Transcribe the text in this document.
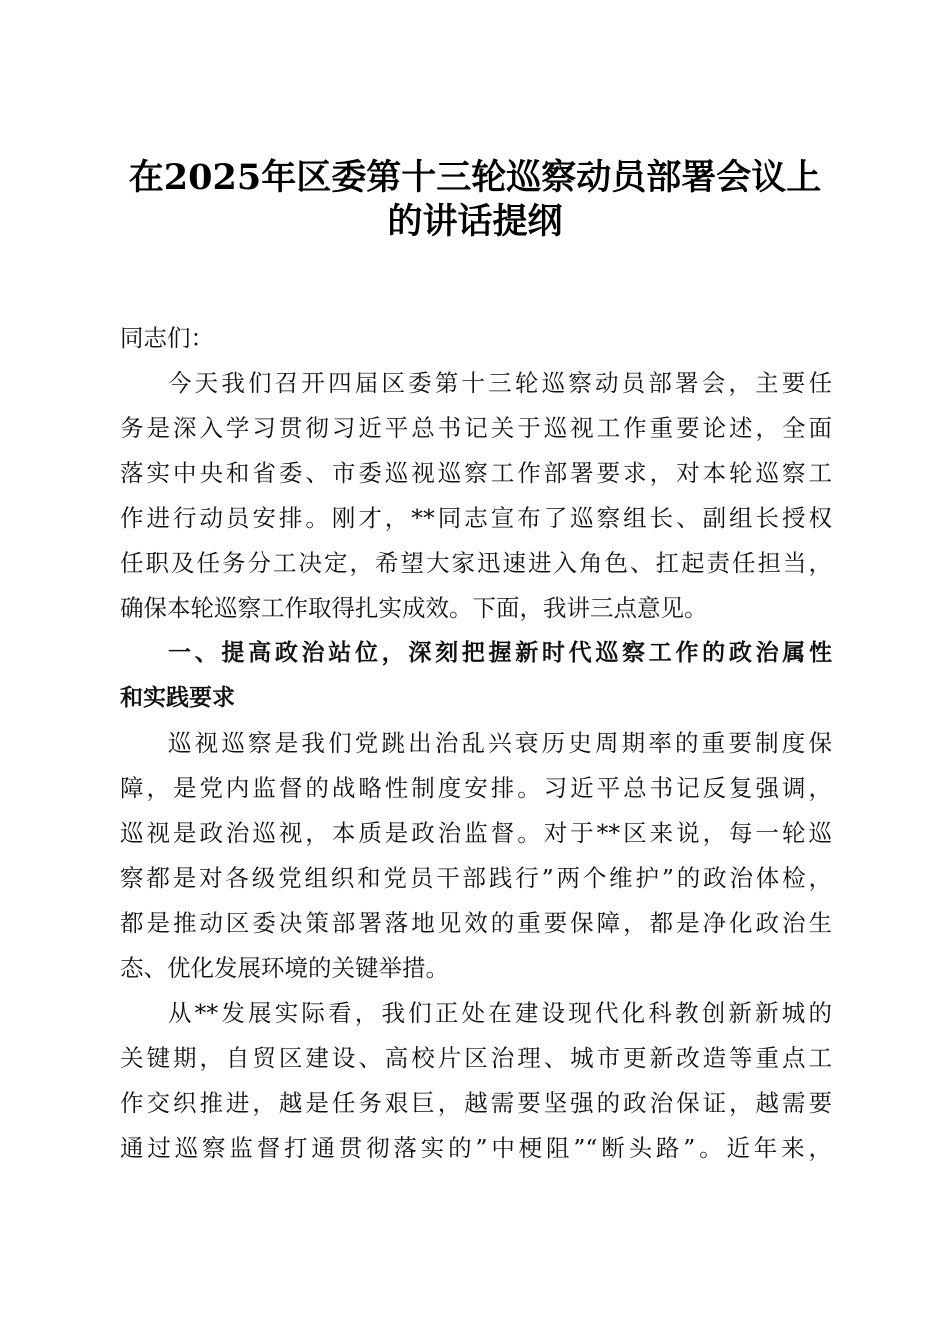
在2025年区委第十三轮巡察动员部署会议上
的讲话提纲
同志们：
今天我们召开四届区委第十三轮巡察动员部署会，主要任
务是深入学习贯彻习近平总书记关于巡视工作重要论述，全面
落实中央和省委、市委巡视巡察工作部署要求，对本轮巡察工
作进行动员安排。刚才，**同志宣布了巡察组长、副组长授权
任职及任务分工决定，希望大家迅速进入角色、扛起责任担当，
确保本轮巡察工作取得扎实成效。下面，我讲三点意见。
一、提高政治站位，深刻把握新时代巡察工作的政治属性
和实践要求
巡视巡察是我们党跳出治乱兴衰历史周期率的重要制度保
障，是党内监督的战略性制度安排。习近平总书记反复强调，
巡视是政治巡视，本质是政治监督。对于**区来说，每一轮巡
察都是对各级党组织和党员干部践行”两个维护”的政治体检，
都是推动区委决策部署落地见效的重要保障，都是净化政治生
态、优化发展环境的关键举措。
从**发展实际看，我们正处在建设现代化科教创新新城的
关键期，自贸区建设、高校片区治理、城市更新改造等重点工
作交织推进，越是任务艰巨，越需要坚强的政治保证，越需要
通过巡察监督打通贯彻落实的”中梗阻”“断头路”。近年来，
